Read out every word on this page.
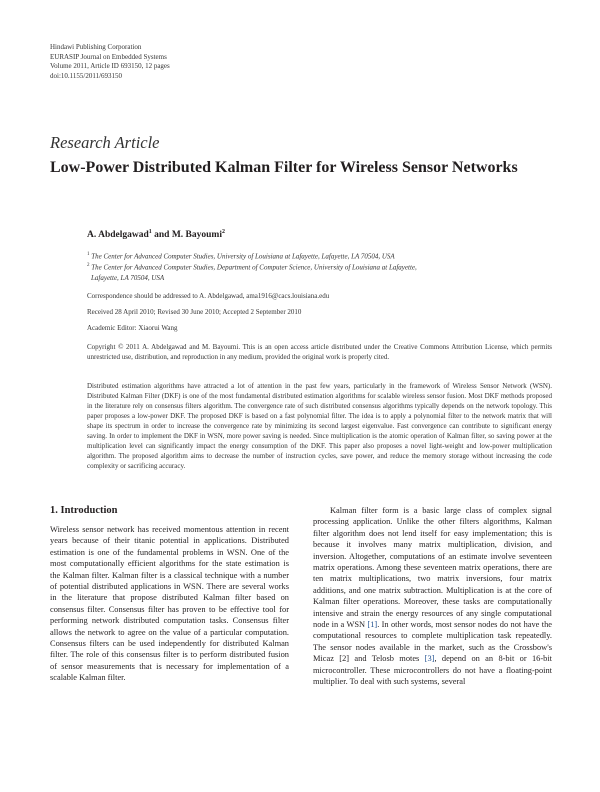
Hindawi Publishing Corporation
EURASIP Journal on Embedded Systems
Volume 2011, Article ID 693150, 12 pages
doi:10.1155/2011/693150
Research Article
Low-Power Distributed Kalman Filter for Wireless Sensor Networks
A. Abdelgawad$^1$ and M. Bayoumi$^2$
$^1$ The Center for Advanced Computer Studies, University of Louisiana at Lafayette, Lafayette, LA 70504, USA
$^2$ The Center for Advanced Computer Studies, Department of Computer Science, University of Louisiana at Lafayette,
Lafayette, LA 70504, USA
Correspondence should be addressed to A. Abdelgawad, ama1916@cacs.louisiana.edu
Received 28 April 2010; Revised 30 June 2010; Accepted 2 September 2010
Academic Editor: Xiaorui Wang
Copyright © 2011 A. Abdelgawad and M. Bayoumi. This is an open access article distributed under the Creative Commons Attribution License, which permits unrestricted use, distribution, and reproduction in any medium, provided the original work is properly cited.
Distributed estimation algorithms have attracted a lot of attention in the past few years, particularly in the framework of Wireless Sensor Network (WSN). Distributed Kalman Filter (DKF) is one of the most fundamental distributed estimation algorithms for scalable wireless sensor fusion. Most DKF methods proposed in the literature rely on consensus filters algorithm. The convergence rate of such distributed consensus algorithms typically depends on the network topology. This paper proposes a low-power DKF. The proposed DKF is based on a fast polynomial filter. The idea is to apply a polynomial filter to the network matrix that will shape its spectrum in order to increase the convergence rate by minimizing its second largest eigenvalue. Fast convergence can contribute to significant energy saving. In order to implement the DKF in WSN, more power saving is needed. Since multiplication is the atomic operation of Kalman filter, so saving power at the multiplication level can significantly impact the energy consumption of the DKF. This paper also proposes a novel light-weight and low-power multiplication algorithm. The proposed algorithm aims to decrease the number of instruction cycles, save power, and reduce the memory storage without increasing the code complexity or sacrificing accuracy.
1. Introduction

Wireless sensor network has received momentous attention in recent years because of their titanic potential in applications. Distributed estimation is one of the fundamental problems in WSN. One of the most computationally efficient algorithms for the state estimation is the Kalman filter. Kalman filter is a classical technique with a number of potential distributed applications in WSN. There are several works in the literature that propose distributed Kalman filter based on consensus filter. Consensus filter has proven to be effective tool for performing network distributed computation tasks. Consensus filter allows the network to agree on the value of a particular computation. Consensus filters can be used independently for distributed Kalman filter. The role of this consensus filter is to perform distributed fusion of sensor measurements that is necessary for implementation of a scalable Kalman filter.

Kalman filter form is a basic large class of complex signal processing application. Unlike the other filters algorithms, Kalman filter algorithm does not lend itself for easy implementation; this is because it involves many matrix multiplication, division, and inversion. Altogether, computations of an estimate involve seventeen matrix operations. Among these seventeen matrix operations, there are ten matrix multiplications, two matrix inversions, four matrix additions, and one matrix subtraction. Multiplication is at the core of Kalman filter operations. Moreover, these tasks are computationally intensive and strain the energy resources of any single computational node in a WSN [1]. In other words, most sensor nodes do not have the computational resources to complete multiplication task repeatedly. The sensor nodes available in the market, such as the Crossbow's Micaz [2] and Telosb motes [3], depend on an 8-bit or 16-bit microcontroller. These microcontrollers do not have a floating-point multiplier. To deal with such systems, several
